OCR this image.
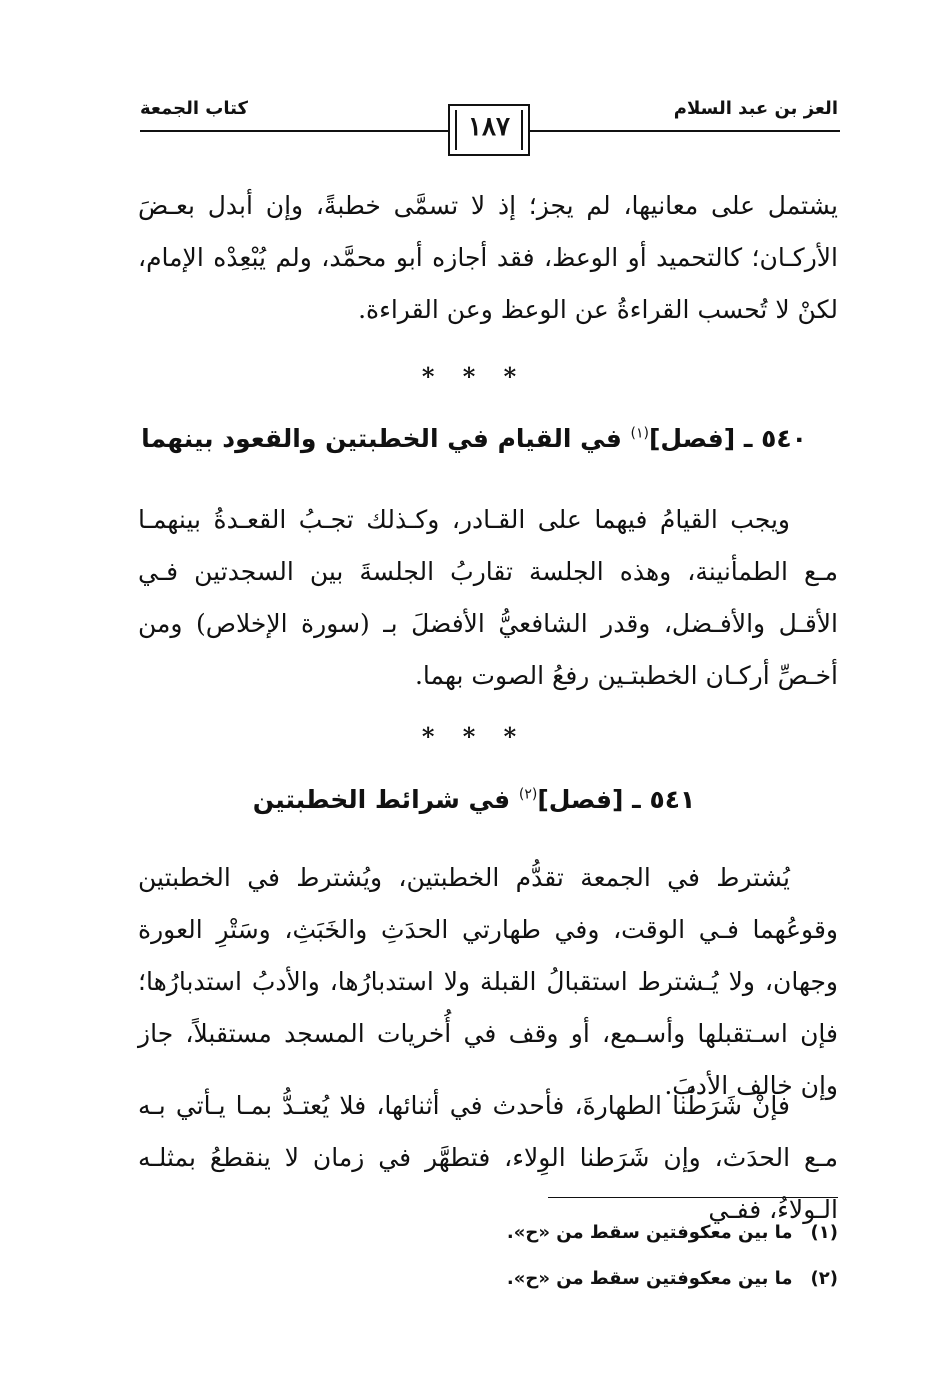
العز بن عبد السلام
كتاب الجمعة
١٨٧
يشتمل على معانيها، لم يجز؛ إذ لا تسمَّى خطبةً، وإن أبدل بعـضَ الأركـان؛ كالتحميد أو الوعظ، فقد أجازه أبو محمَّد، ولم يُبْعِدْه الإمام، لكنْ لا تُحسب القراءةُ عن الوعظ وعن القراءة.
* * *
٥٤٠ ـ [فصل]$^{(١)}$ في القيام في الخطبتين والقعود بينهما
ويجب القيامُ فيهما على القـادر، وكـذلك تجـبُ القعـدةُ بينهمـا مـع الطمأنينة، وهذه الجلسة تقاربُ الجلسةَ بين السجدتين فـي الأقـل والأفـضل، وقدر الشافعيُّ الأفضلَ بـ (سورة الإخلاص) ومن أخـصِّ أركـان الخطبتـين رفعُ الصوت بهما.
* * *
٥٤١ ـ [فصل]$^{(٢)}$ في شرائط الخطبتين
يُشترط في الجمعة تقدُّم الخطبتين، ويُشترط في الخطبتين وقوعُهما فـي الوقت، وفي طهارتي الحدَثِ والخَبَثِ، وسَتْرِ العورة وجهان، ولا يُـشترط استقبالُ القبلة ولا استدبارُها، والأدبُ استدبارُها؛ فإن اسـتقبلها وأسـمع، أو وقف في أُخريات المسجد مستقبلاً، جاز وإن خالف الأدبَ.
فإنْ شَرَطْنا الطهارةَ، فأحدث في أثنائها، فلا يُعتـدُّ بمـا يـأتي بـه مـع الحدَث، وإن شَرَطنا الوِلاء، فتطهَّر في زمان لا ينقطعُ بمثلـه الـولاءُ، ففـي
(١)ما بين معكوفتين سقط من «ح».
(٢)ما بين معكوفتين سقط من «ح».
